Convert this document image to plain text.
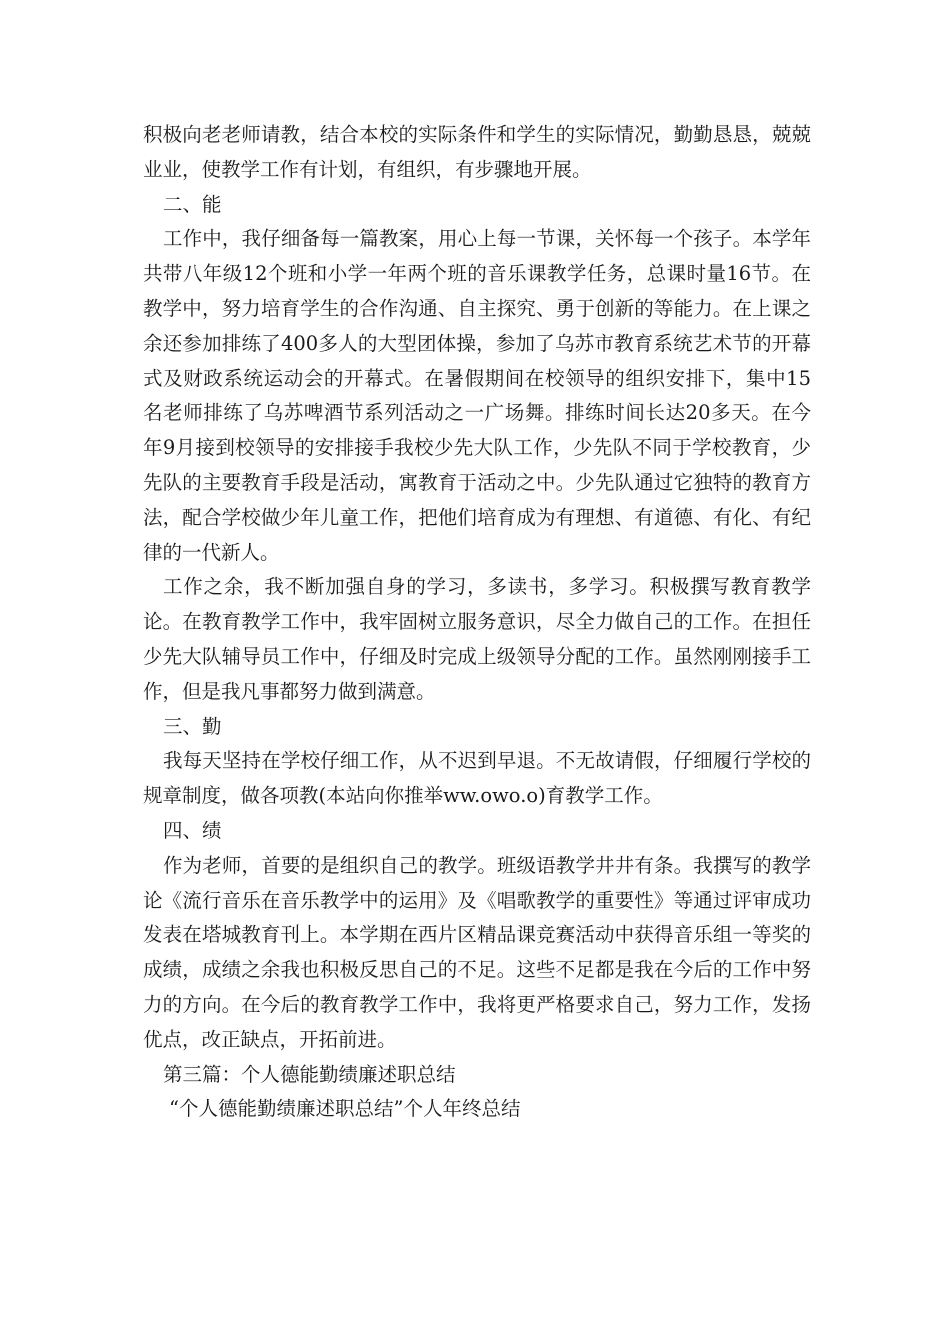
积极向老老师请教，结合本校的实际条件和学生的实际情况，勤勤恳恳，兢兢业业，使教学工作有计划，有组织，有步骤地开展。

二、能

工作中，我仔细备每一篇教案，用心上每一节课，关怀每一个孩子。本学年共带八年级12个班和小学一年两个班的音乐课教学任务，总课时量16节。在教学中，努力培育学生的合作沟通、自主探究、勇于创新的等能力。在上课之余还参加排练了400多人的大型团体操，参加了乌苏市教育系统艺术节的开幕式及财政系统运动会的开幕式。在暑假期间在校领导的组织安排下，集中15名老师排练了乌苏啤酒节系列活动之一广场舞。排练时间长达20多天。在今年9月接到校领导的安排接手我校少先大队工作，少先队不同于学校教育，少先队的主要教育手段是活动，寓教育于活动之中。少先队通过它独特的教育方法，配合学校做少年儿童工作，把他们培育成为有理想、有道德、有化、有纪律的一代新人。

工作之余，我不断加强自身的学习，多读书，多学习。积极撰写教育教学论。在教育教学工作中，我牢固树立服务意识，尽全力做自己的工作。在担任少先大队辅导员工作中，仔细及时完成上级领导分配的工作。虽然刚刚接手工作，但是我凡事都努力做到满意。

三、勤

我每天坚持在学校仔细工作，从不迟到早退。不无故请假，仔细履行学校的规章制度，做各项教(本站向你推举ww.owo.o)育教学工作。

四、绩

作为老师，首要的是组织自己的教学。班级语教学井井有条。我撰写的教学论《流行音乐在音乐教学中的运用》及《唱歌教学的重要性》等通过评审成功发表在塔城教育刊上。本学期在西片区精品课竞赛活动中获得音乐组一等奖的成绩，成绩之余我也积极反思自己的不足。这些不足都是我在今后的工作中努力的方向。在今后的教育教学工作中，我将更严格要求自己，努力工作，发扬优点，改正缺点，开拓前进。

第三篇：个人德能勤绩廉述职总结

“个人德能勤绩廉述职总结”个人年终总结
